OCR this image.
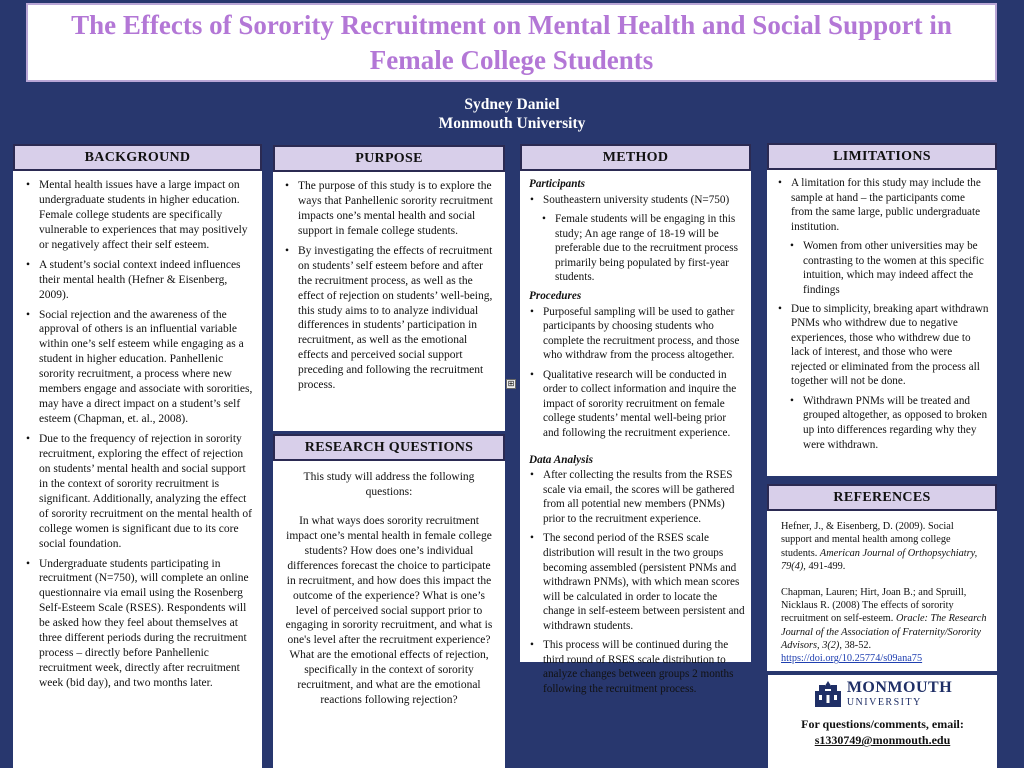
The Effects of Sorority Recruitment on Mental Health and Social Support in Female College Students
Sydney Daniel
Monmouth University
BACKGROUND
• Mental health issues have a large impact on undergraduate students in higher education. Female college students are specifically vulnerable to experiences that may positively or negatively affect their self esteem.
• A student’s social context indeed influences their mental health (Hefner & Eisenberg, 2009).
• Social rejection and the awareness of the approval of others is an influential variable within one’s self esteem while engaging as a student in higher education. Panhellenic sorority recruitment, a process where new members engage and associate with sororities, may have a direct impact on a student’s self esteem (Chapman, et. al., 2008).
• Due to the frequency of rejection in sorority recruitment, exploring the effect of rejection on students’ mental health and social support in the context of sorority recruitment is significant. Additionally, analyzing the effect of sorority recruitment on the mental health of college women is significant due to its core social foundation.
• Undergraduate students participating in recruitment (N=750), will complete an online questionnaire via email using the Rosenberg Self-Esteem Scale (RSES). Respondents will be asked how they feel about themselves at three different periods during the recruitment process – directly before Panhellenic recruitment week, directly after recruitment week (bid day), and two months later.
PURPOSE
• The purpose of this study is to explore the ways that Panhellenic sorority recruitment impacts one’s mental health and social support in female college students.
• By investigating the effects of recruitment on students’ self esteem before and after the recruitment process, as well as the effect of rejection on students’ well-being, this study aims to to analyze individual differences in students’ participation in recruitment, as well as the emotional effects and perceived social support preceding and following the recruitment process.
RESEARCH QUESTIONS

This study will address the following questions:

In what ways does sorority recruitment impact one’s mental health in female college students? How does one’s individual differences forecast the choice to participate in recruitment, and how does this impact the outcome of the experience? What is one’s level of perceived social support prior to engaging in sorority recruitment, and what is one's level after the recruitment experience? What are the emotional effects of rejection, specifically in the context of sorority recruitment, and what are the emotional reactions following rejection?

⊞
METHOD
Participants
• Southeastern university students (N=750)
• Female students will be engaging in this study; An age range of 18-19 will be preferable due to the recruitment process primarily being populated by first-year students.
Procedures
• Purposeful sampling will be used to gather participants by choosing students who complete the recruitment process, and those who withdraw from the process altogether.
• Qualitative research will be conducted in order to collect information and inquire the impact of sorority recruitment on female college students’ mental well-being prior and following the recruitment experience.
Data Analysis
• After collecting the results from the RSES scale via email, the scores will be gathered from all potential new members (PNMs) prior to the recruitment experience.
• The second period of the RSES scale distribution will result in the two groups becoming assembled (persistent PNMs and withdrawn PNMs), with which mean scores will be calculated in order to locate the change in self-esteem between persistent and withdrawn students.
• This process will be continued during the third round of RSES scale distribution to analyze changes between groups 2 months following the recruitment process.
LIMITATIONS
• A limitation for this study may include the sample at hand – the participants come from the same large, public undergraduate institution.
• Women from other universities may be contrasting to the women at this specific intuition, which may indeed affect the findings
• Due to simplicity, breaking apart withdrawn PNMs who withdrew due to negative experiences, those who withdrew due to lack of interest, and those who were rejected or eliminated from the process all together will not be done.
• Withdrawn PNMs will be treated and grouped altogether, as opposed to broken up into differences regarding why they were withdrawn.
REFERENCES

Hefner, J., & Eisenberg, D. (2009). Social support and mental health among college students. American Journal of Orthopsychiatry, 79(4), 491-499.

Chapman, Lauren; Hirt, Joan B.; and Spruill, Nicklaus R. (2008) The effects of sorority recruitment on self-esteem. Oracle: The Research Journal of the Association of Fraternity/Sorority Advisors, 3(2), 38-52.
https://doi.org/10.25774/s09ana75

MONMOUTH
UNIVERSITY
For questions/comments, email:
s1330749@monmouth.edu
